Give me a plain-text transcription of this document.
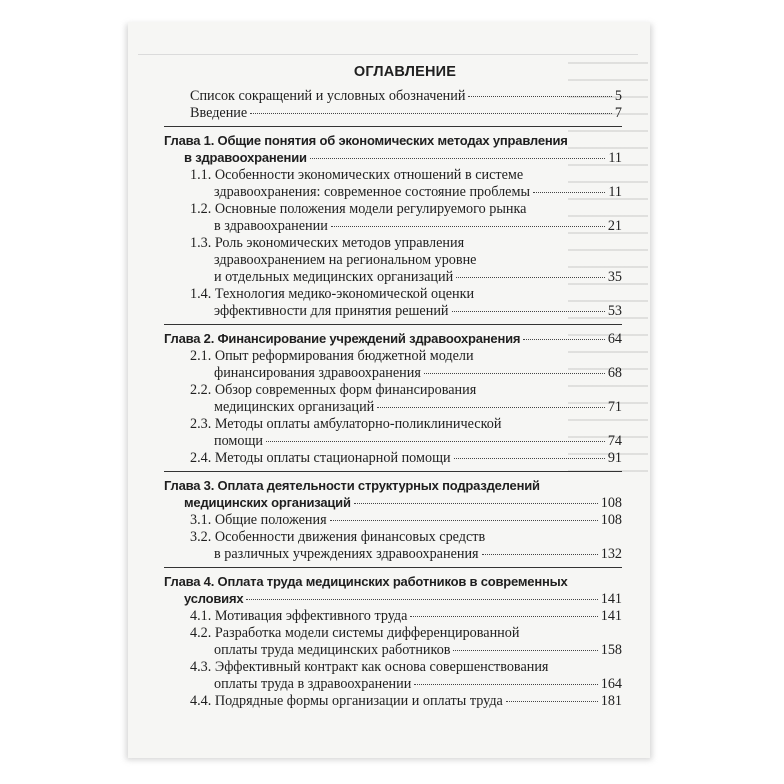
ОГЛАВЛЕНИЕ
Список сокращений и условных обозначений	5
Введение	7
Глава 1. Общие понятия об экономических методах управления
в здравоохранении	11
1.1. Особенности экономических отношений в системе
здравоохранения: современное состояние проблемы	11
1.2. Основные положения модели регулируемого рынка
в здравоохранении	21
1.3. Роль экономических методов управления
здравоохранением на региональном уровне
и отдельных медицинских организаций	35
1.4. Технология медико-экономической оценки
эффективности для принятия решений	53
Глава 2. Финансирование учреждений здравоохранения	64
2.1. Опыт реформирования бюджетной модели
финансирования здравоохранения	68
2.2. Обзор современных форм финансирования
медицинских организаций	71
2.3. Методы оплаты амбулаторно-поликлинической
помощи	74
2.4. Методы оплаты стационарной помощи	91
Глава 3. Оплата деятельности структурных подразделений
медицинских организаций	108
3.1. Общие положения	108
3.2. Особенности движения финансовых средств
в различных учреждениях здравоохранения	132
Глава 4. Оплата труда медицинских работников в современных
условиях	141
4.1. Мотивация эффективного труда	141
4.2. Разработка модели системы дифференцированной
оплаты труда медицинских работников	158
4.3. Эффективный контракт как основа совершенствования
оплаты труда в здравоохранении	164
4.4. Подрядные формы организации и оплаты труда	181
